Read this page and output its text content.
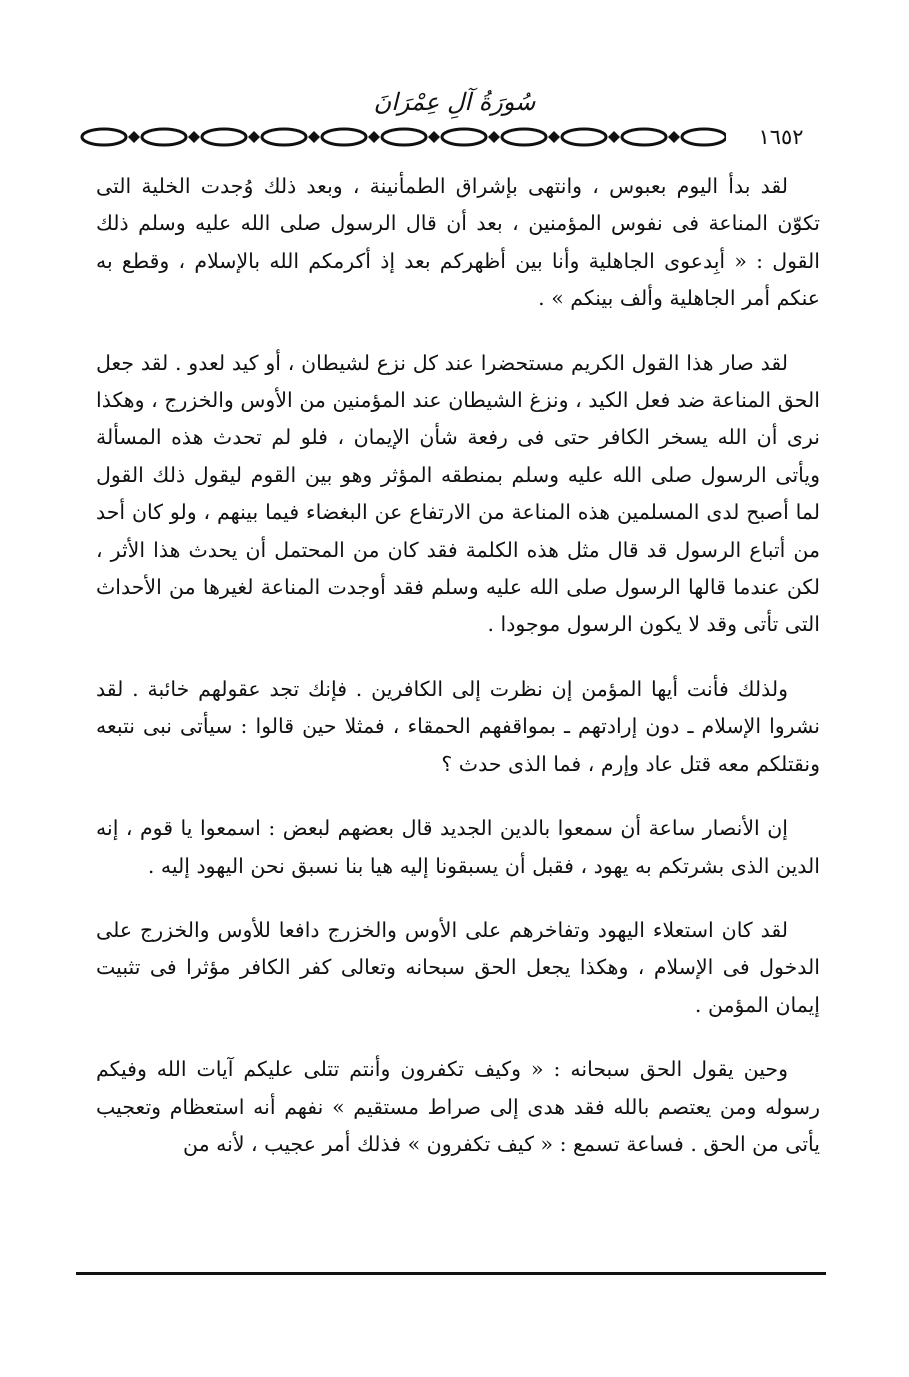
سُورَةُ آلِ عِمْرَانَ
١٦٥٢

لقد بدأ اليوم بعبوس ، وانتهى بإشراق الطمأنينة ، وبعد ذلك وُجدت الخلية التى تكوّن المناعة فى نفوس المؤمنين ، بعد أن قال الرسول صلى الله عليه وسلم ذلك القول : « أبِدعوى الجاهلية وأنا بين أظهركم بعد إذ أكرمكم الله بالإسلام ، وقطع به عنكم أمر الجاهلية وألف بينكم » .

لقد صار هذا القول الكريم مستحضرا عند كل نزع لشيطان ، أو كيد لعدو . لقد جعل الحق المناعة ضد فعل الكيد ، ونزغ الشيطان عند المؤمنين من الأوس والخزرج ، وهكذا نرى أن الله يسخر الكافر حتى فى رفعة شأن الإيمان ، فلو لم تحدث هذه المسألة ويأتى الرسول صلى الله عليه وسلم بمنطقه المؤثر وهو بين القوم ليقول ذلك القول لما أصبح لدى المسلمين هذه المناعة من الارتفاع عن البغضاء فيما بينهم ، ولو كان أحد من أتباع الرسول قد قال مثل هذه الكلمة فقد كان من المحتمل أن يحدث هذا الأثر ، لكن عندما قالها الرسول صلى الله عليه وسلم فقد أوجدت المناعة لغيرها من الأحداث التى تأتى وقد لا يكون الرسول موجودا .

ولذلك فأنت أيها المؤمن إن نظرت إلى الكافرين . فإنك تجد عقولهم خائبة . لقد نشروا الإسلام ـ دون إرادتهم ـ بمواقفهم الحمقاء ، فمثلا حين قالوا : سيأتى نبى نتبعه ونقتلكم معه قتل عاد وإرم ، فما الذى حدث ؟

إن الأنصار ساعة أن سمعوا بالدين الجديد قال بعضهم لبعض : اسمعوا يا قوم ، إنه الدين الذى بشرتكم به يهود ، فقبل أن يسبقونا إليه هيا بنا نسبق نحن اليهود إليه .

لقد كان استعلاء اليهود وتفاخرهم على الأوس والخزرج دافعا للأوس والخزرج على الدخول فى الإسلام ، وهكذا يجعل الحق سبحانه وتعالى كفر الكافر مؤثرا فى تثبيت إيمان المؤمن .

وحين يقول الحق سبحانه : « وكيف تكفرون وأنتم تتلى عليكم آيات الله وفيكم رسوله ومن يعتصم بالله فقد هدى إلى صراط مستقيم » نفهم أنه استعظام وتعجيب يأتى من الحق . فساعة تسمع : « كيف تكفرون » فذلك أمر عجيب ، لأنه من
